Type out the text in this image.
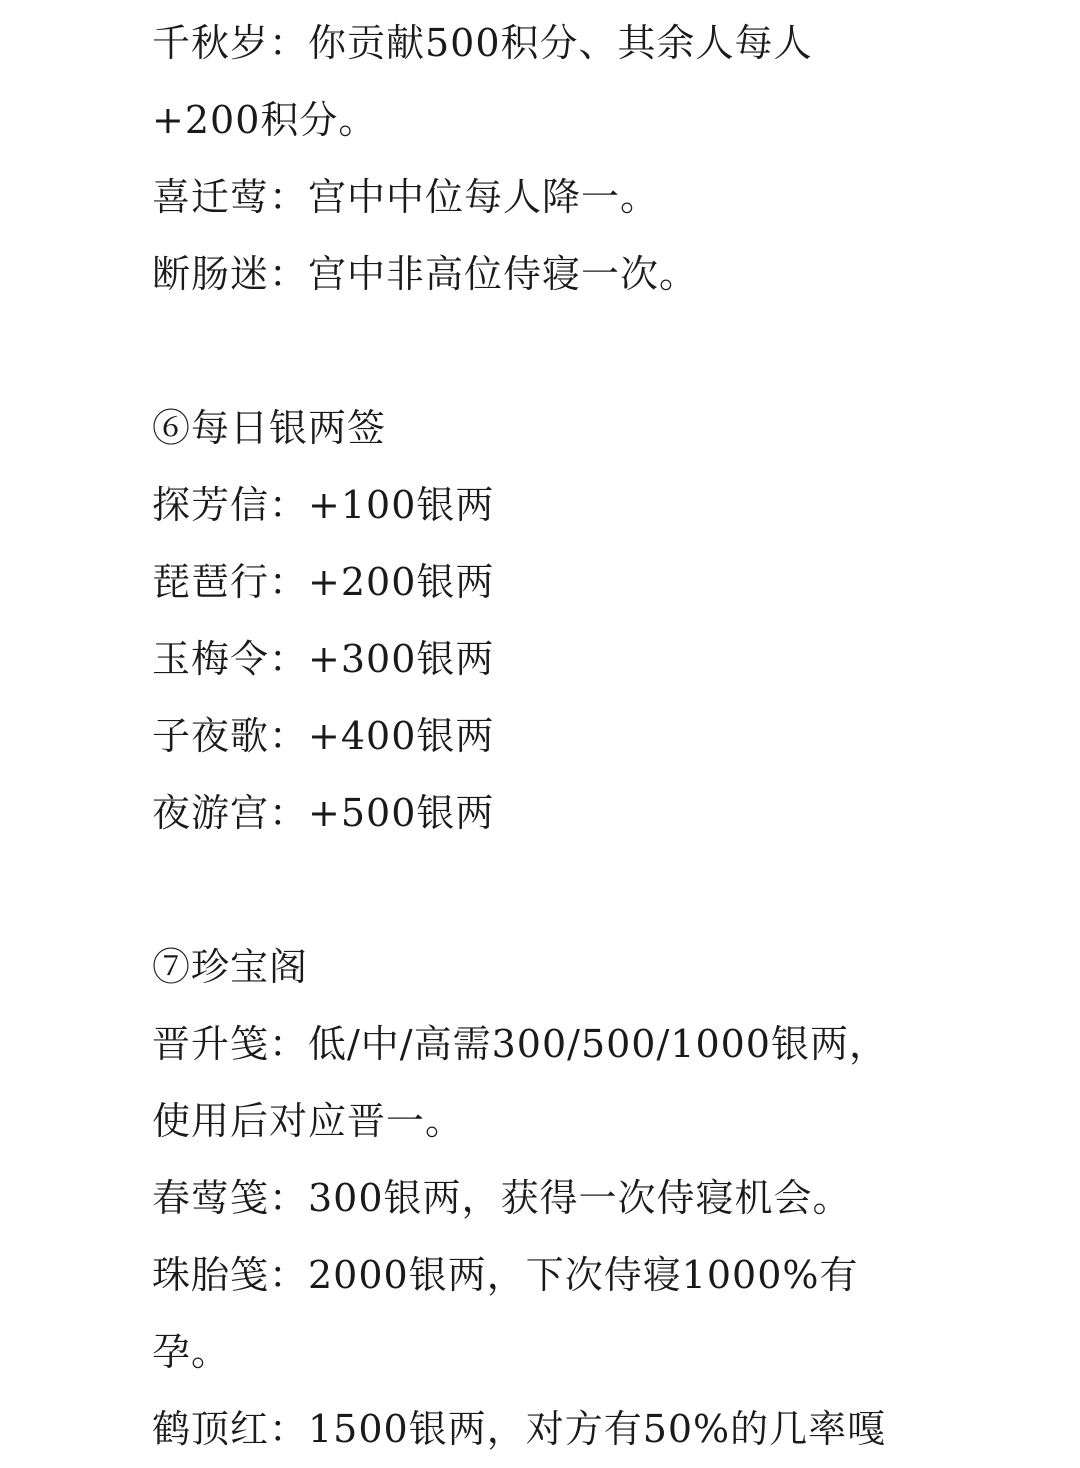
千秋岁：你贡献500积分、其余人每人
+200积分。
喜迁莺：宫中中位每人降一。
断肠迷：宫中非高位侍寝一次。
⑥每日银两签
探芳信：+100银两
琵琶行：+200银两
玉梅令：+300银两
子夜歌：+400银两
夜游宫：+500银两
⑦珍宝阁
晋升笺：低/中/高需300/500/1000银两，
使用后对应晋一。
春莺笺：300银两，获得一次侍寝机会。
珠胎笺：2000银两，下次侍寝1000%有
孕。
鹤顶红：1500银两，对方有50%的几率嘎
